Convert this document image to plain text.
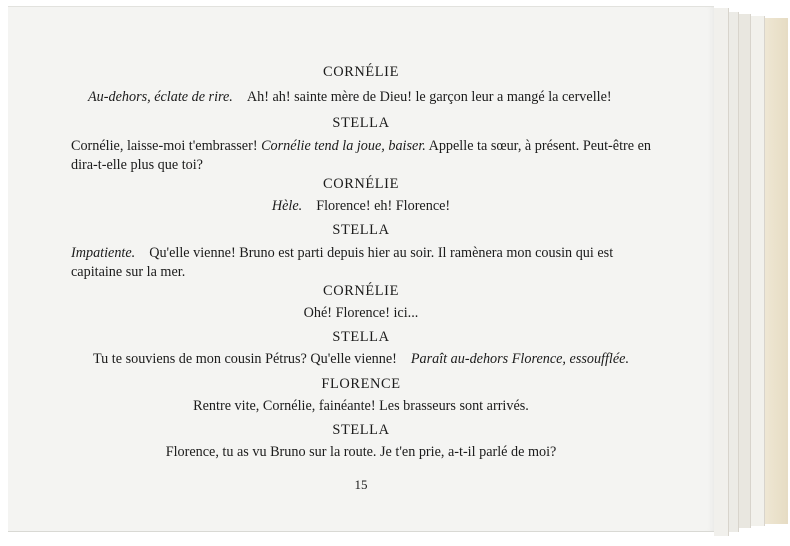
CORNÉLIE
Au-dehors, éclate de rire. Ah! ah! sainte mère de Dieu! le garçon leur a mangé la cervelle!
STELLA
Cornélie, laisse-moi t'embrasser! Cornélie tend la joue, baiser. Appelle ta sœur, à présent. Peut-être en
dira-t-elle plus que toi?
CORNÉLIE
Hèle. Florence! eh! Florence!
STELLA
Impatiente. Qu'elle vienne! Bruno est parti depuis hier au soir. Il ramènera mon cousin qui est
capitaine sur la mer.
CORNÉLIE
Ohé! Florence! ici...
STELLA
Tu te souviens de mon cousin Pétrus? Qu'elle vienne! Paraît au-dehors Florence, essoufflée.
FLORENCE
Rentre vite, Cornélie, fainéante! Les brasseurs sont arrivés.
STELLA
Florence, tu as vu Bruno sur la route. Je t'en prie, a-t-il parlé de moi?
15
